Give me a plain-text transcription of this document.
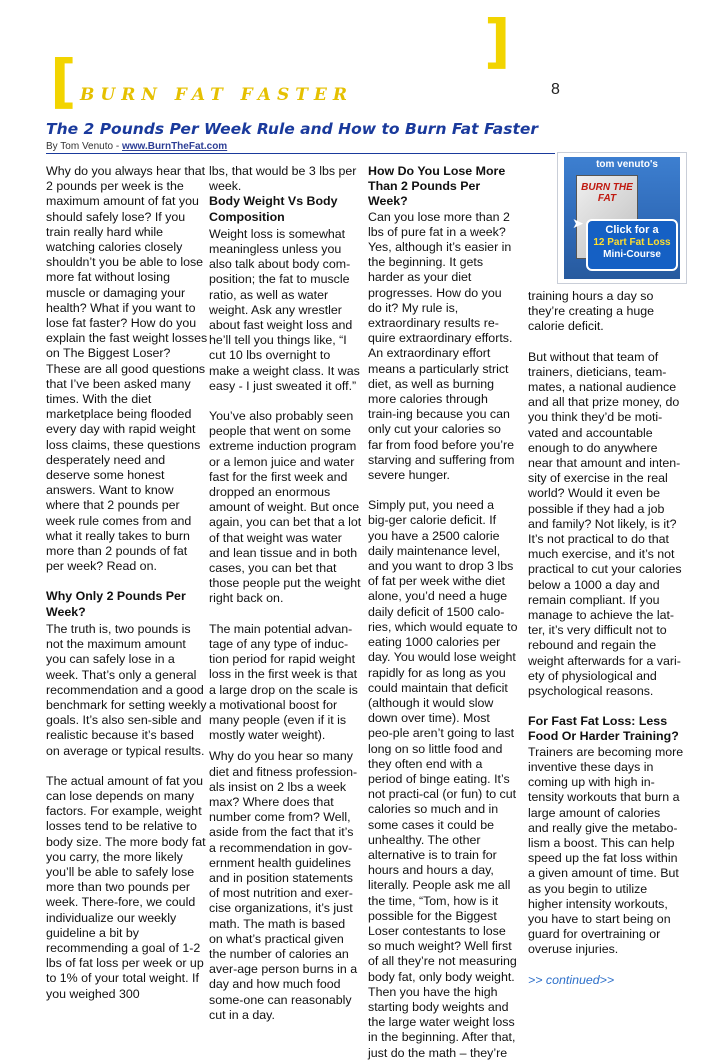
[
]
BURN FAT FASTER	8
The 2 Pounds Per Week Rule and How to Burn Fat Faster
By Tom Venuto - www.BurnTheFat.com
tom venuto's
BURN THE FAT
➤	Click for a
12 Part Fat Loss
Mini-Course

Why do you always hear that 2 pounds per week is the maximum amount of fat you should safely lose? If you train really hard while watching calories closely shouldn’t you be able to lose more fat without losing muscle or damaging your health? What if you want to lose fat faster? How do you explain the fast weight losses on The Biggest Loser? These are all good questions that I’ve been asked many times. With the diet marketplace being flooded every day with rapid weight loss claims, these questions desperately need and deserve some honest answers. Want to know where that 2 pounds per week rule comes from and what it really takes to burn more than 2 pounds of fat per week? Read on.

Why Only 2 Pounds Per Week?

The truth is, two pounds is not the maximum amount you can safely lose in a week. That’s only a general recommendation and a good benchmark for setting weekly goals. It’s also sen-sible and realistic because it’s based on average or typical results.

The actual amount of fat you can lose depends on many factors. For example, weight losses tend to be relative to body size. The more body fat you carry, the more likely you’ll be able to safely lose more than two pounds per week. There-fore, we could individualize our weekly guideline a bit by recommending a goal of 1-2 lbs of fat loss per week or up to 1% of your total weight. If you weighed 300

lbs, that would be 3 lbs per week.

Body Weight Vs Body Composition

Weight loss is somewhat meaningless unless you also talk about body com-position; the fat to muscle ratio, as well as water weight. Ask any wrestler about fast weight loss and he’ll tell you things like, “I cut 10 lbs overnight to make a weight class. It was easy - I just sweated it off.”

You’ve also probably seen people that went on some extreme induction program or a lemon juice and water fast for the first week and dropped an enormous amount of weight. But once again, you can bet that a lot of that weight was water and lean tissue and in both cases, you can bet that those people put the weight right back on.

The main potential advan-tage of any type of induc-tion period for rapid weight loss in the first week is that a large drop on the scale is a motivational boost for many people (even if it is mostly water weight).

Why do you hear so many diet and fitness profession-als insist on 2 lbs a week max? Where does that number come from? Well, aside from the fact that it’s a recommendation in gov-ernment health guidelines and in position statements of most nutrition and exer-cise organizations, it’s just math. The math is based on what’s practical given the number of calories an aver-age person burns in a day and how much food some-one can reasonably cut in a day.

How Do You Lose More Than 2 Pounds Per Week?

Can you lose more than 2 lbs of pure fat in a week? Yes, although it’s easier in the beginning. It gets harder as your diet progresses. How do you do it? My rule is, extraordinary results re-quire extraordinary efforts. An extraordinary effort means a particularly strict diet, as well as burning more calories through train-ing because you can only cut your calories so far from food before you’re starving and suffering from severe hunger.

Simply put, you need a big-ger calorie deficit. If you have a 2500 calorie daily maintenance level, and you want to drop 3 lbs of fat per week withe diet alone, you’d need a huge daily deficit of 1500 calo-ries, which would equate to eating 1000 calories per day. You would lose weight rapidly for as long as you could maintain that deficit (although it would slow down over time). Most peo-ple aren’t going to last long on so little food and they often end with a period of binge eating. It’s not practi-cal (or fun) to cut calories so much and in some cases it could be unhealthy. The other alternative is to train for hours and hours a day, literally. People ask me all the time, “Tom, how is it possible for the Biggest Loser contestants to lose so much weight? Well first of all they’re not measuring body fat, only body weight. Then you have the high starting body weights and the large water weight loss in the beginning. After that, just do the math – they’re

training hours a day so they’re creating a huge calorie deficit.

But without that team of trainers, dieticians, team-mates, a national audience and all that prize money, do you think they’d be moti-vated and accountable enough to do anywhere near that amount and inten-sity of exercise in the real world? Would it even be possible if they had a job and family? Not likely, is it? It’s not practical to do that much exercise, and it’s not practical to cut your calories below a 1000 a day and remain compliant. If you manage to achieve the lat-ter, it’s very difficult not to rebound and regain the weight afterwards for a vari-ety of physiological and psychological reasons.

For Fast Fat Loss: Less Food Or Harder Training?

Trainers are becoming more inventive these days in coming up with high in-tensity workouts that burn a large amount of calories and really give the metabo-lism a boost. This can help speed up the fat loss within a given amount of time. But as you begin to utilize higher intensity workouts, you have to start being on guard for overtraining or overuse injuries.

>> continued>>
